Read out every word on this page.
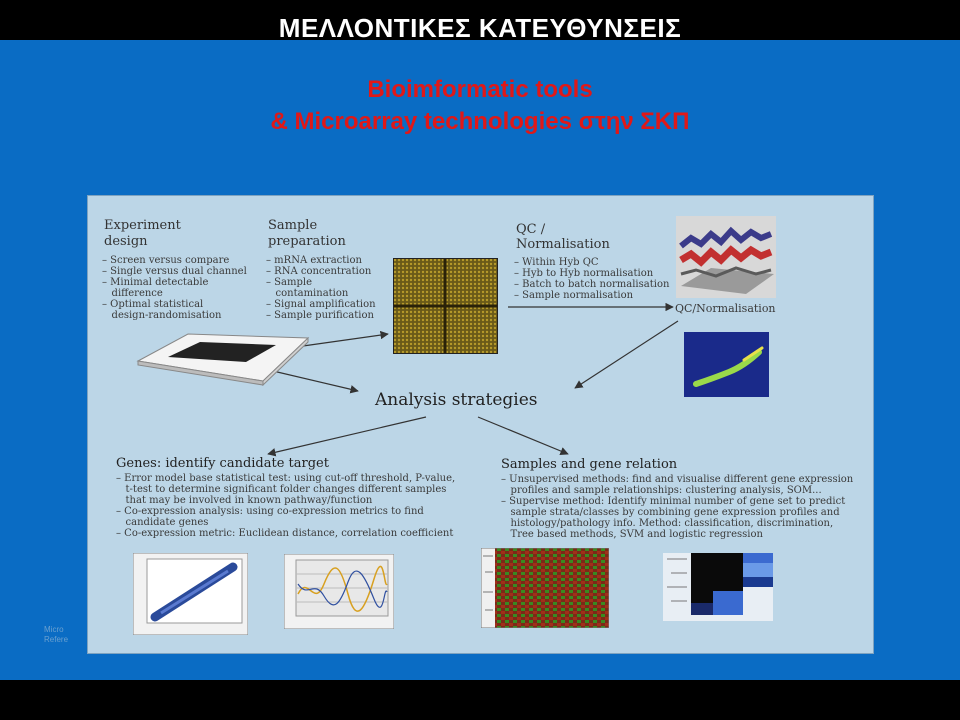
ΜΕΛΛΟΝΤΙΚΕΣ ΚΑΤΕΥΘΥΝΣΕΙΣ
Bioimformatic tools
& Microarray technologies στην ΣΚΠ
Experiment
design
– Screen versus compare
– Single versus dual channel
– Minimal detectable
difference
– Optimal statistical
design-randomisation
Sample
preparation
– mRNA extraction
– RNA concentration
– Sample
contamination
– Signal amplification
– Sample purification
QC /
Normalisation
– Within Hyb QC
– Hyb to Hyb normalisation
– Batch to batch normalisation
– Sample normalisation
QC/Normalisation
Analysis strategies
Genes: identify candidate target
– Error model base statistical test: using cut-off threshold, P-value,
t-test to determine significant folder changes different samples
that may be involved in known pathway/function
– Co-expression analysis: using co-expression metrics to find
candidate genes
– Co-expression metric: Euclidean distance, correlation coefficient
Samples and gene relation
– Unsupervised methods: find and visualise different gene expression
profiles and sample relationships: clustering analysis, SOM...
– Supervise method: Identify minimal number of gene set to predict
sample strata/classes by combining gene expression profiles and
histology/pathology info. Method: classification, discrimination,
Tree based methods, SVM and logistic regression
Micro
Refere
